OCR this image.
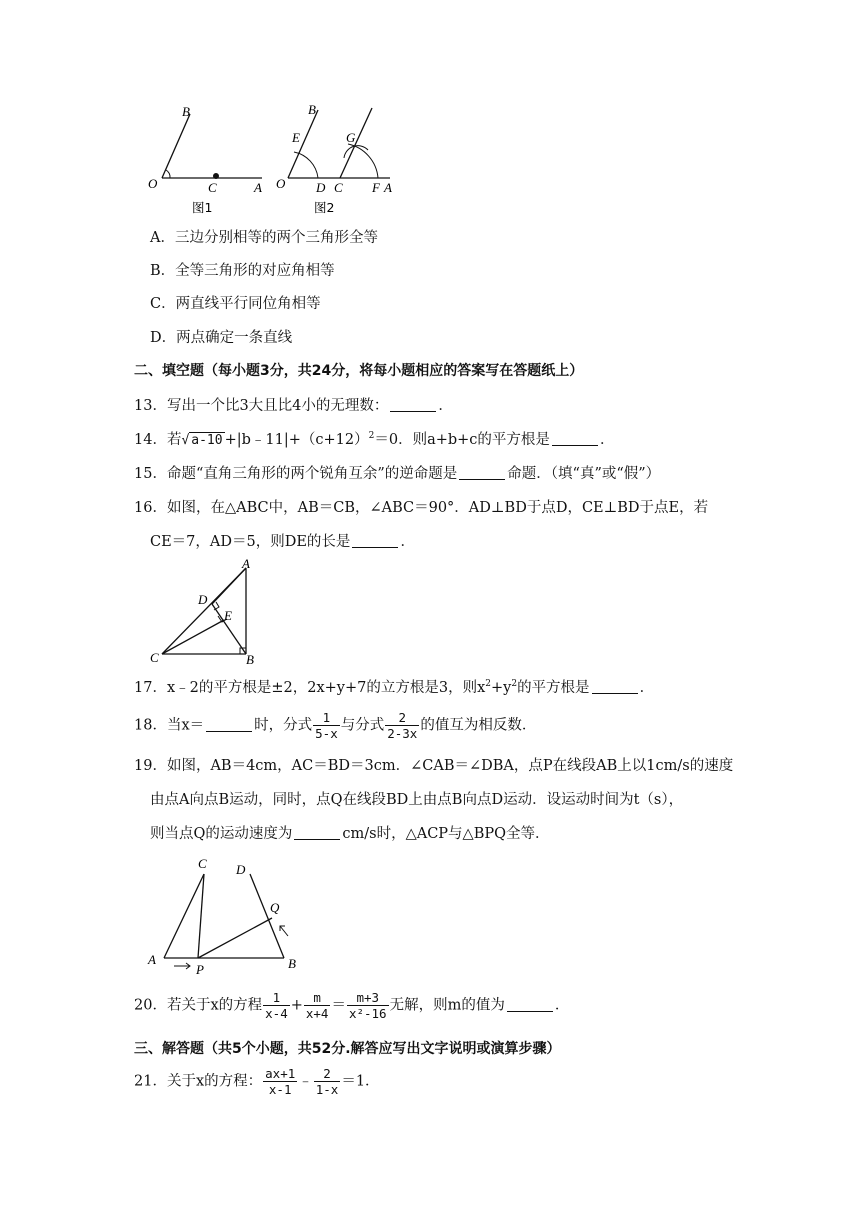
B
O	C	A
图1
B
E
O D C
G
F A
图2
A．三边分别相等的两个三角形全等
B．全等三角形的对应角相等
C．两直线平行同位角相等
D．两点确定一条直线
二、填空题（每小题3分，共24分，将每小题相应的答案写在答题纸上）
13．写出一个比3大且比4小的无理数：	．
14．若√ $a-10 +|b﹣11|+(c+12)^2=0$．则a+b+c的平方根是	．
15．命题“直角三角形的两个锐角互余”的逆命题是	命题．（填“真”或“假”）
16．如图，在△ABC中，AB＝CB，∠ABC＝90°．AD⊥BD于点D，CE⊥BD于点E，若
CE＝7，AD＝5，则DE的长是	．
A
D
E
C	B
17．x﹣2的平方根是±2，2x+y+7的立方根是3，则$x^2+y^2$的平方根是	．
18．当x＝	时，分式 $\frac{1}{5-x}$ 与分式 $\frac{2}{2-3x}$ 的值互为相反数．
19．如图，AB＝4cm，AC＝BD＝3cm．∠CAB＝∠DBA，点P在线段AB上以1cm/s的速度
由点A向点B运动，同时，点Q在线段BD上由点B向点D运动．设运动时间为t（s），
则当点Q的运动速度为	cm/s时，△ACP与△BPQ全等．
C D
Q
A
P	B
20．若关于x的方程 $\frac{1}{x-4} + \frac{m}{x+4} = \frac{m+3}{\text{x²-16}}$ 无解，则m的值为	．
三、解答题（共5个小题，共52分.解答应写出文字说明或演算步骤）
21．关于x的方程： $\frac{ax+1}{x-1}$ ﹣ $\frac{2}{1-x} =1$．
